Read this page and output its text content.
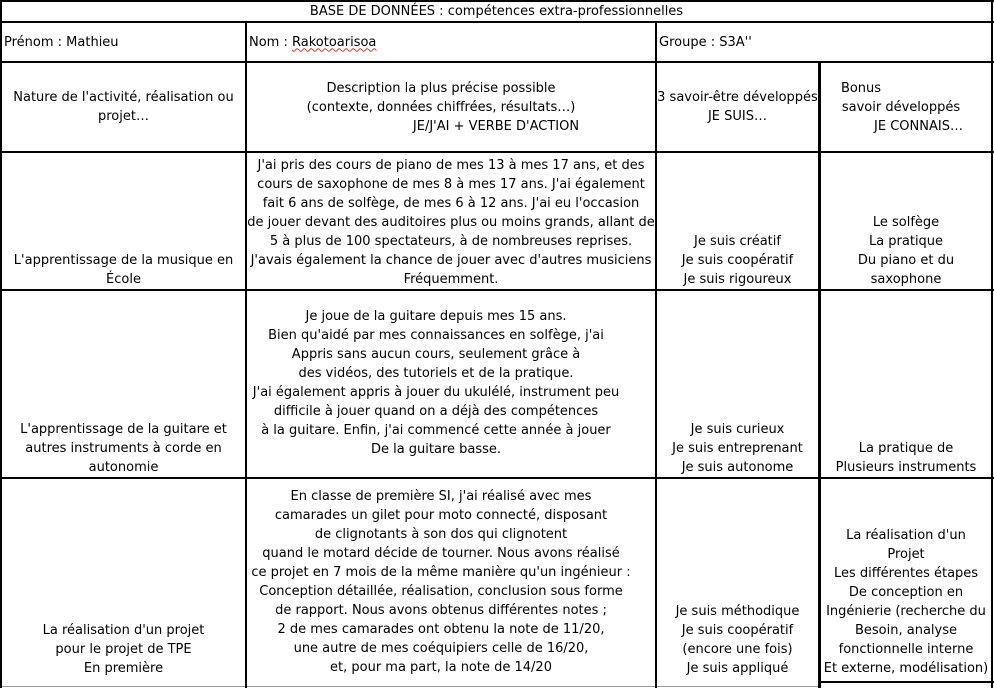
BASE DE DONNÉES : compétences extra-professionnelles
Prénom : Mathieu	Nom : Rakotoarisoa	Groupe : S3A''
Nature de l'activité, réalisation ou
projet…
Description la plus précise possible
(contexte, données chiffrées, résultats…)
JE/J'AI + VERBE D'ACTION
3 savoir-être développés
JE SUIS…
Bonus
savoir développés
JE CONNAIS…
L'apprentissage de la musique en
École
J'ai pris des cours de piano de mes 13 à mes 17 ans, et des
cours de saxophone de mes 8 à mes 17 ans. J'ai également
fait 6 ans de solfège, de mes 6 à 12 ans. J'ai eu l'occasion
de jouer devant des auditoires plus ou moins grands, allant de
5 à plus de 100 spectateurs, à de nombreuses reprises.
J'avais également la chance de jouer avec d'autres musiciens
Fréquemment.
Je suis créatif
Je suis coopératif
Je suis rigoureux
Le solfège
La pratique
Du piano et du
saxophone
L'apprentissage de la guitare et
autres instruments à corde en
autonomie
Je joue de la guitare depuis mes 15 ans.
Bien qu'aidé par mes connaissances en solfège, j'ai
Appris sans aucun cours, seulement grâce à
des vidéos, des tutoriels et de la pratique.
J'ai également appris à jouer du ukulélé, instrument peu
difficile à jouer quand on a déjà des compétences
à la guitare. Enfin, j'ai commencé cette année à jouer
De la guitare basse.
Je suis curieux
Je suis entreprenant
Je suis autonome
La pratique de
Plusieurs instruments
La réalisation d'un projet
pour le projet de TPE
En première
En classe de première SI, j'ai réalisé avec mes
camarades un gilet pour moto connecté, disposant
de clignotants à son dos qui clignotent
quand le motard décide de tourner. Nous avons réalisé
ce projet en 7 mois de la même manière qu'un ingénieur :
Conception détaillée, réalisation, conclusion sous forme
de rapport. Nous avons obtenus différentes notes ;
2 de mes camarades ont obtenu la note de 11/20,
une autre de mes coéquipiers celle de 16/20,
et, pour ma part, la note de 14/20
Je suis méthodique
Je suis coopératif
(encore une fois)
Je suis appliqué
La réalisation d'un
Projet
Les différentes étapes
De conception en
Ingénierie (recherche du
Besoin, analyse
fonctionnelle interne
Et externe, modélisation)
